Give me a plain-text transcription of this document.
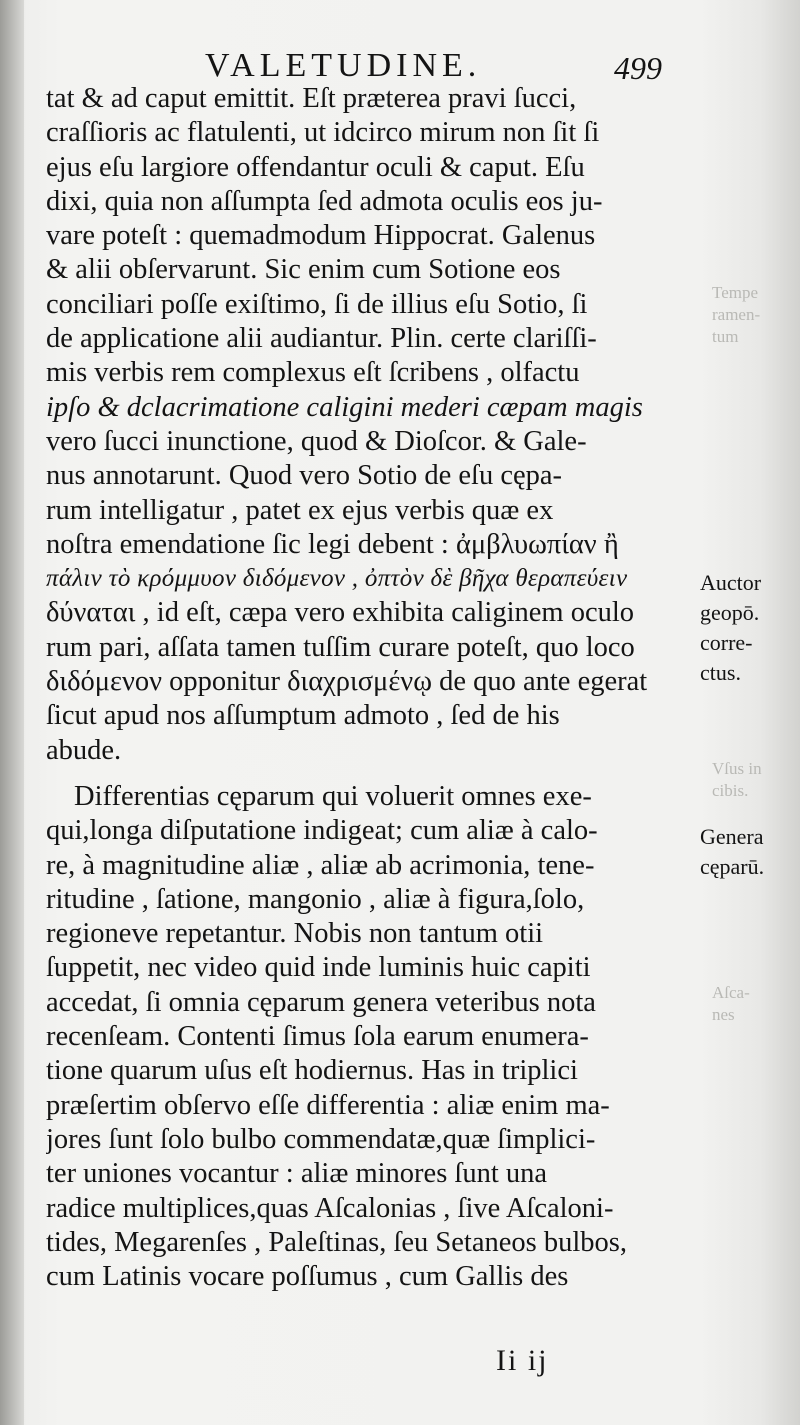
VALETUDINE.	499
tat & ad caput emittit. Eſt præterea pravi ſucci,
craſſioris ac flatulenti, ut idcirco mirum non ſit ſi
ejus eſu largiore offendantur oculi & caput. Eſu
dixi, quia non aſſumpta ſed admota oculis eos ju-
vare poteſt : quemadmodum Hippocrat. Galenus
& alii obſervarunt. Sic enim cum Sotione eos
conciliari poſſe exiſtimo, ſi de illius eſu Sotio, ſi
de applicatione alii audiantur. Plin. certe clariſſi-
mis verbis rem complexus eſt ſcribens , olfactu
ipſo & dclacrimatione caligini mederi cæpam magis
vero ſucci inunctione, quod & Dioſcor. & Gale-
nus annotarunt. Quod vero Sotio de eſu cępa-
rum intelligatur , patet ex ejus verbis quæ ex
noſtra emendatione ſic legi debent : ἀμβλυωπίαν ἢ
πάλιν τὸ κρόμμυον διδόμενον , ὀπτὸν δὲ βῆχα θεραπεύειν
δύναται , id eſt, cæpa vero exhibita caliginem oculo
rum pari, aſſata tamen tuſſim curare poteſt, quo loco
διδόμενον opponitur διαχρισμένῳ de quo ante egerat
ſicut apud nos aſſumptum admoto , ſed de his
abude.
Differentias cęparum qui voluerit omnes exe-
qui,longa diſputatione indigeat; cum aliæ à calo-
re, à magnitudine aliæ , aliæ ab acrimonia, tene-
ritudine , ſatione, mangonio , aliæ à figura,ſolo,
regioneve repetantur. Nobis non tantum otii
ſuppetit, nec video quid inde luminis huic capiti
accedat, ſi omnia cęparum genera veteribus nota
recenſeam. Contenti ſimus ſola earum enumera-
tione quarum uſus eſt hodiernus. Has in triplici
præſertim obſervo eſſe differentia : aliæ enim ma-
jores ſunt ſolo bulbo commendatæ,quæ ſimplici-
ter uniones vocantur : aliæ minores ſunt una
radice multiplices,quas Aſcalonias , ſive Aſcaloni-
tides, Megarenſes , Paleſtinas, ſeu Setaneos bulbos,
cum Latinis vocare poſſumus , cum Gallis des
Tempe
ramen-
tum
Auctor
geopō.
corre-
ctus.
Vſus in
cibis.
Genera
cęparū.
Aſca-
nes
Ii ij
